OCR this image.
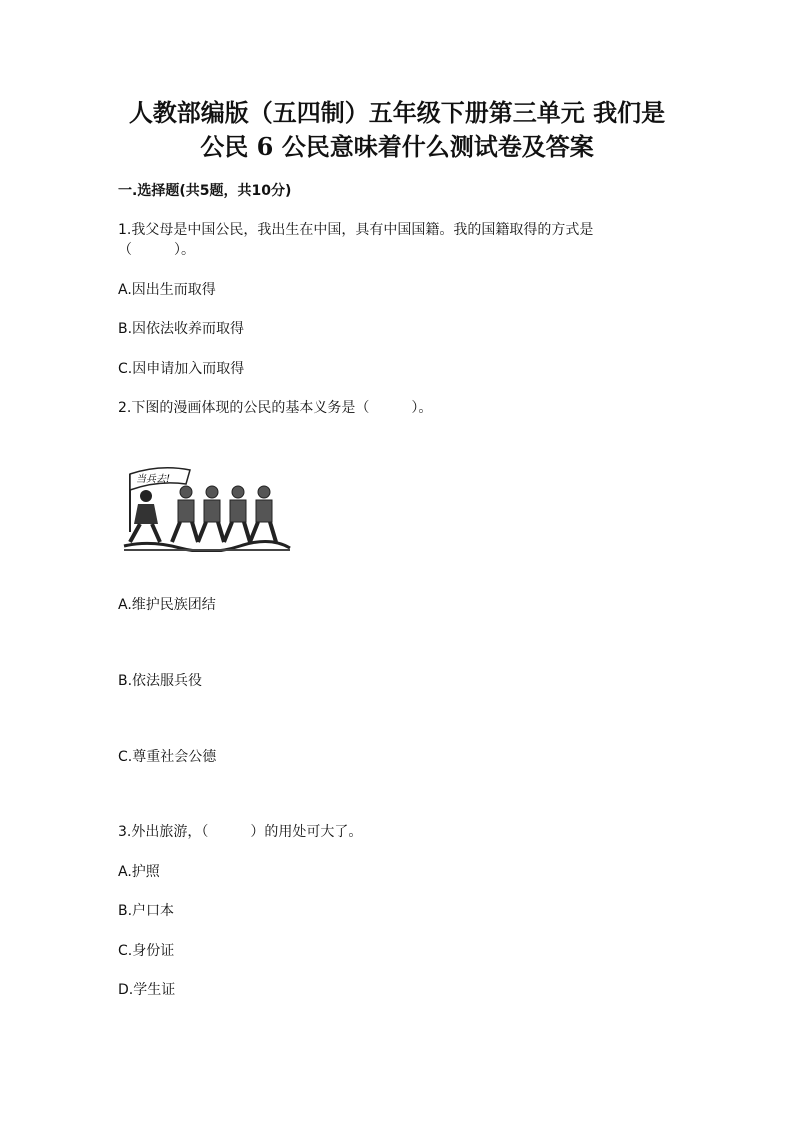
人教部编版（五四制）五年级下册第三单元 我们是
公民 6 公民意味着什么测试卷及答案
一.选择题(共5题，共10分)
1.我父母是中国公民，我出生在中国，具有中国国籍。我的国籍取得的方式是
（　　　）。
A.因出生而取得
B.因依法收养而取得
C.因申请加入而取得
2.下图的漫画体现的公民的基本义务是（　　　）。
当兵去!
A.维护民族团结
B.依法服兵役
C.尊重社会公德
3.外出旅游，（　　　）的用处可大了。
A.护照
B.户口本
C.身份证
D.学生证
